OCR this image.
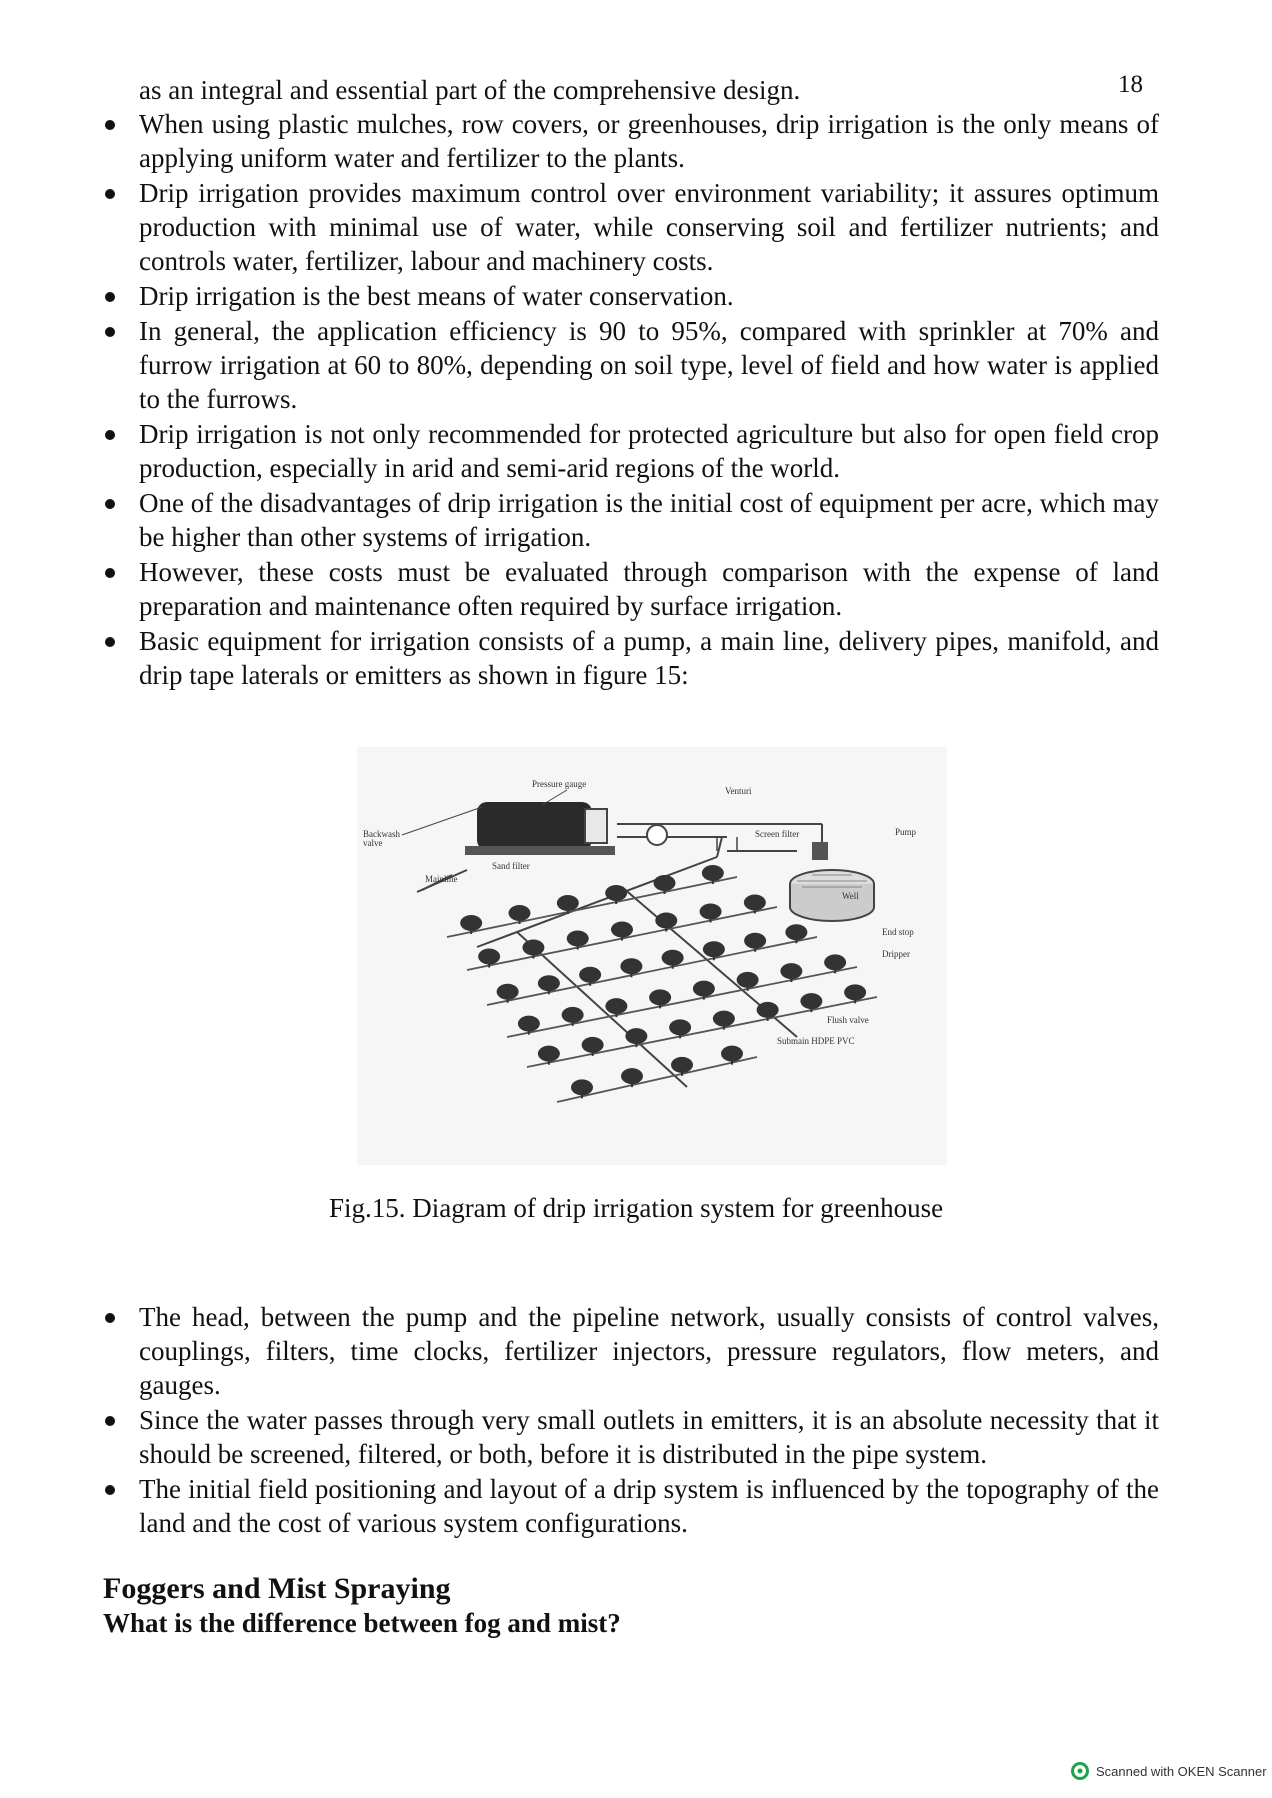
18
as an integral and essential part of the comprehensive design.
When using plastic mulches, row covers, or greenhouses, drip irrigation is the only means of applying uniform water and fertilizer to the plants.
Drip irrigation provides maximum control over environment variability; it assures optimum production with minimal use of water, while conserving soil and fertilizer nutrients; and controls water, fertilizer, labour and machinery costs.
Drip irrigation is the best means of water conservation.
In general, the application efficiency is 90 to 95%, compared with sprinkler at 70% and furrow irrigation at 60 to 80%, depending on soil type, level of field and how water is applied to the furrows.
Drip irrigation is not only recommended for protected agriculture but also for open field crop production, especially in arid and semi-arid regions of the world.
One of the disadvantages of drip irrigation is the initial cost of equipment per acre, which may be higher than other systems of irrigation.
However, these costs must be evaluated through comparison with the expense of land preparation and maintenance often required by surface irrigation.
Basic equipment for irrigation consists of a pump, a main line, delivery pipes, manifold, and drip tape laterals or emitters as shown in figure 15:
Pressure gauge
Venturi
Backwash
valve
Screen filter	Pump
Sand filter
Mainline
Well
End stop
Dripper
Flush valve
Submain HDPE PVC
Fig.15. Diagram of drip irrigation system for greenhouse
The head, between the pump and the pipeline network, usually consists of control valves, couplings, filters, time clocks, fertilizer injectors, pressure regulators, flow meters, and gauges.
Since the water passes through very small outlets in emitters, it is an absolute necessity that it should be screened, filtered, or both, before it is distributed in the pipe system.
The initial field positioning and layout of a drip system is influenced by the topography of the land and the cost of various system configurations.
Foggers and Mist Spraying
What is the difference between fog and mist?
Scanned with OKEN Scanner
